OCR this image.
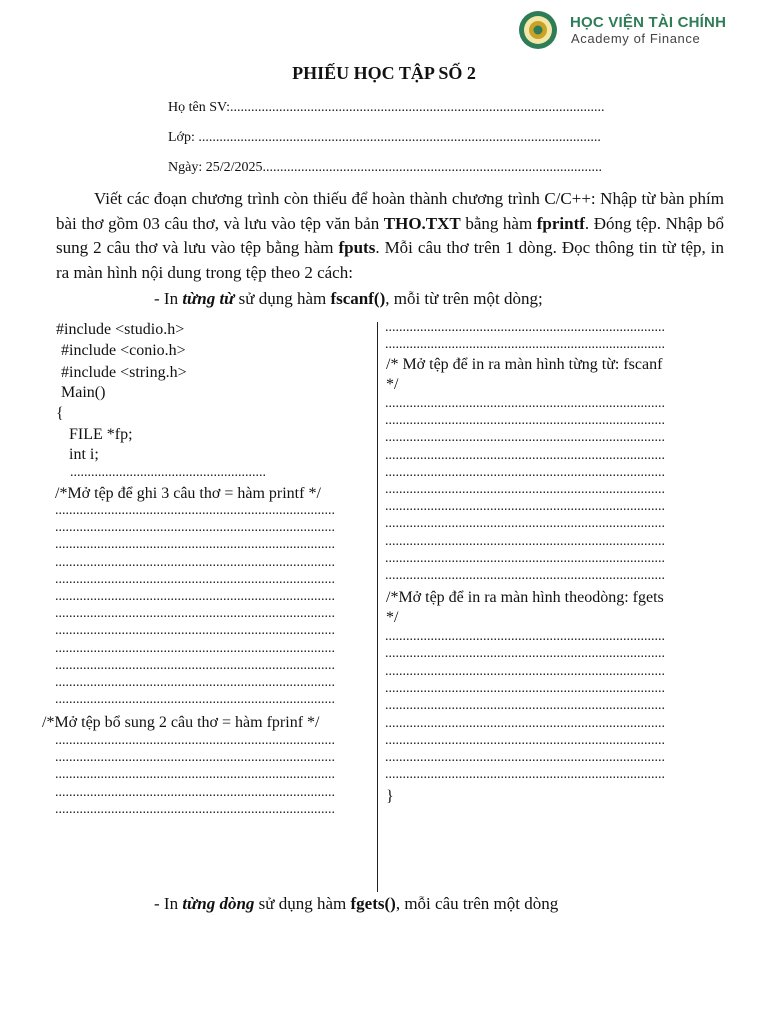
HỌC VIỆN TÀI CHÍNH
Academy of Finance
PHIẾU HỌC TẬP SỐ 2
Họ tên SV:...........................................................................................................
Lớp: ...................................................................................................................
Ngày: 25/2/2025.................................................................................................

Viết các đoạn chương trình còn thiếu để hoàn thành chương trình C/C++: Nhập từ bàn phím bài thơ gồm 03 câu thơ, và lưu vào tệp văn bản THO.TXT bằng hàm fprintf. Đóng tệp. Nhập bổ sung 2 câu thơ và lưu vào tệp bằng hàm fputs. Mỗi câu thơ trên 1 dòng. Đọc thông tin từ tệp, in ra màn hình nội dung trong tệp theo 2 cách:

- In từng từ sử dụng hàm fscanf(), mỗi từ trên một dòng;
#include <studio.h>
#include <conio.h>
#include <string.h>
Main()
{
FILE *fp;
int i;
........................................................
/*Mở tệp để ghi 3 câu thơ = hàm printf */
................................................................................
................................................................................
................................................................................
................................................................................
................................................................................
................................................................................
................................................................................
................................................................................
................................................................................
................................................................................
................................................................................
................................................................................
/*Mở tệp bổ sung 2 câu thơ = hàm fprinf */
................................................................................
................................................................................
................................................................................
................................................................................
................................................................................
................................................................................
................................................................................
/* Mở tệp để in ra màn hình từng từ: fscanf
*/
................................................................................
................................................................................
................................................................................
................................................................................
................................................................................
................................................................................
................................................................................
................................................................................
................................................................................
................................................................................
................................................................................
/*Mở tệp để in ra màn hình theodòng: fgets
*/
................................................................................
................................................................................
................................................................................
................................................................................
................................................................................
................................................................................
................................................................................
................................................................................
................................................................................
}
- In từng dòng sử dụng hàm fgets(), mỗi câu trên một dòng
